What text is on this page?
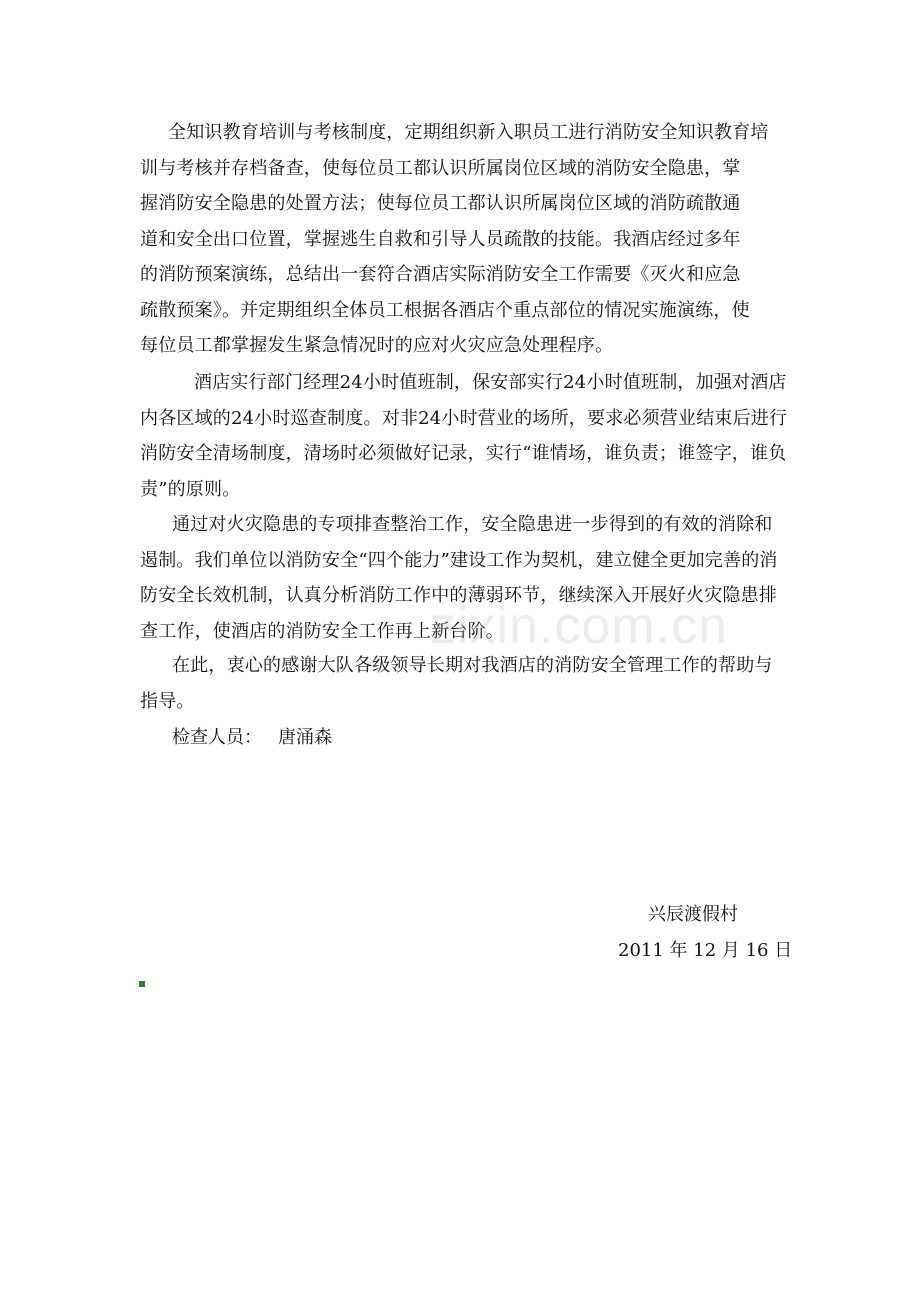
全知识教育培训与考核制度，定期组织新入职员工进行消防安全知识教育培
训与考核并存档备查，使每位员工都认识所属岗位区域的消防安全隐患，掌
握消防安全隐患的处置方法；使每位员工都认识所属岗位区域的消防疏散通
道和安全出口位置，掌握逃生自救和引导人员疏散的技能。我酒店经过多年
的消防预案演练，总结出一套符合酒店实际消防安全工作需要《灭火和应急
疏散预案》。并定期组织全体员工根据各酒店个重点部位的情况实施演练，使
每位员工都掌握发生紧急情况时的应对火灾应急处理程序。

酒店实行部门经理24小时值班制，保安部实行24小时值班制，加强对酒店内各区域的24小时巡查制度。对非24小时营业的场所，要求必须营业结束后进行消防安全清场制度，清场时必须做好记录，实行“谁情场，谁负责；谁签字，谁负责”的原则。

通过对火灾隐患的专项排查整治工作，安全隐患进一步得到的有效的消除和遏制。我们单位以消防安全“四个能力”建设工作为契机，建立健全更加完善的消防安全长效机制，认真分析消防工作中的薄弱环节，继续深入开展好火灾隐患排查工作，使酒店的消防安全工作再上新台阶。

在此，衷心的感谢大队各级领导长期对我酒店的消防安全管理工作的帮助与指导。

检查人员： 唐涌森

兴辰渡假村

2011 年 12 月 16 日

zixin.com.cn
